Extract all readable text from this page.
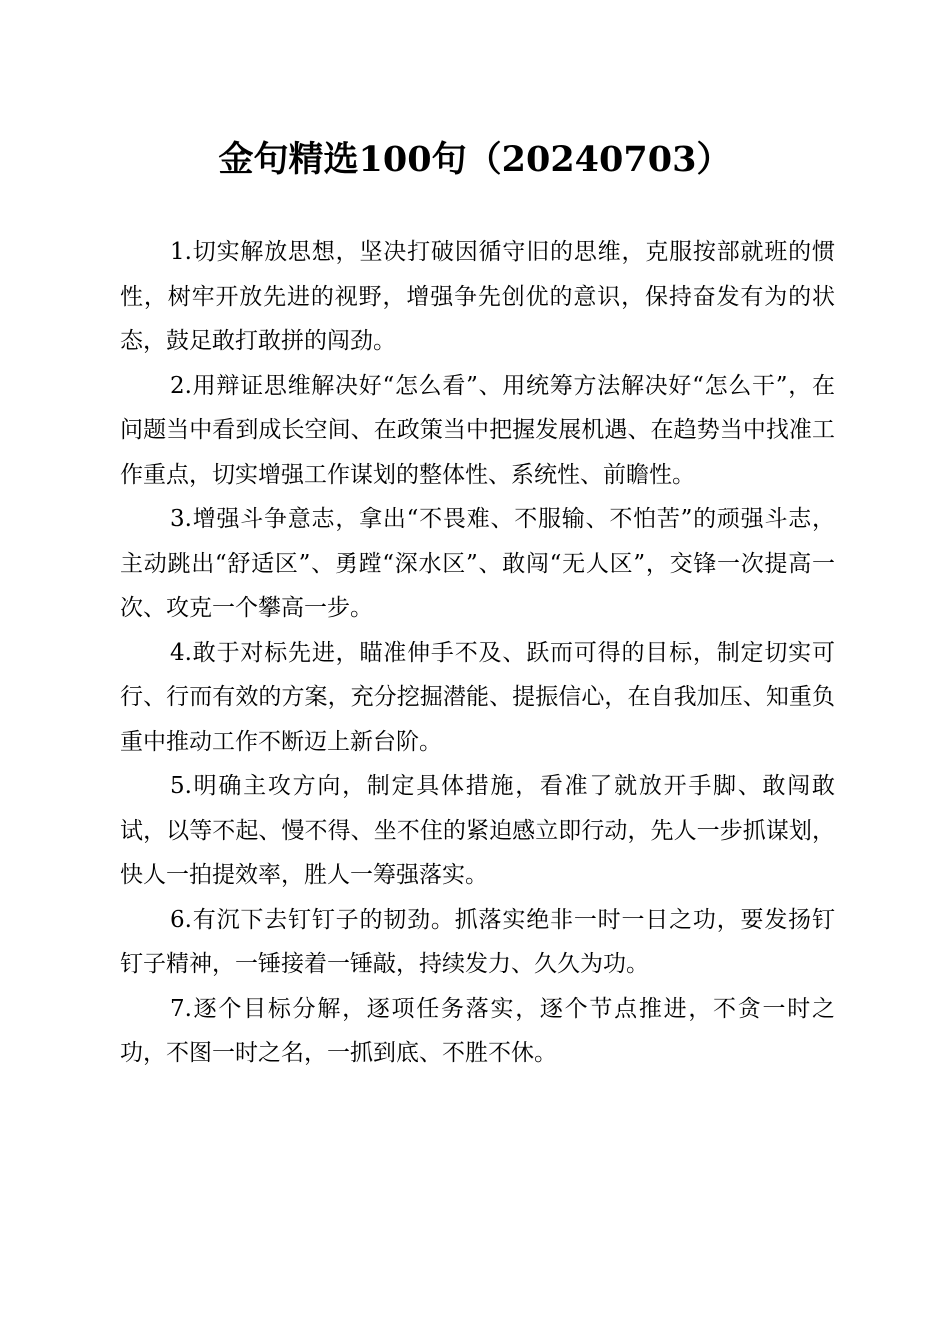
金句精选100句（20240703）

1.切实解放思想，坚决打破因循守旧的思维，克服按部就班的惯性，树牢开放先进的视野，增强争先创优的意识，保持奋发有为的状态，鼓足敢打敢拼的闯劲。

2.用辩证思维解决好“怎么看”、用统筹方法解决好“怎么干”，在问题当中看到成长空间、在政策当中把握发展机遇、在趋势当中找准工作重点，切实增强工作谋划的整体性、系统性、前瞻性。

3.增强斗争意志，拿出“不畏难、不服输、不怕苦”的顽强斗志，主动跳出“舒适区”、勇蹚“深水区”、敢闯“无人区”，交锋一次提高一次、攻克一个攀高一步。

4.敢于对标先进，瞄准伸手不及、跃而可得的目标，制定切实可行、行而有效的方案，充分挖掘潜能、提振信心，在自我加压、知重负重中推动工作不断迈上新台阶。

5.明确主攻方向，制定具体措施，看准了就放开手脚、敢闯敢试，以等不起、慢不得、坐不住的紧迫感立即行动，先人一步抓谋划，快人一拍提效率，胜人一筹强落实。

6.有沉下去钉钉子的韧劲。抓落实绝非一时一日之功，要发扬钉钉子精神，一锤接着一锤敲，持续发力、久久为功。

7.逐个目标分解，逐项任务落实，逐个节点推进，不贪一时之功，不图一时之名，一抓到底、不胜不休。
